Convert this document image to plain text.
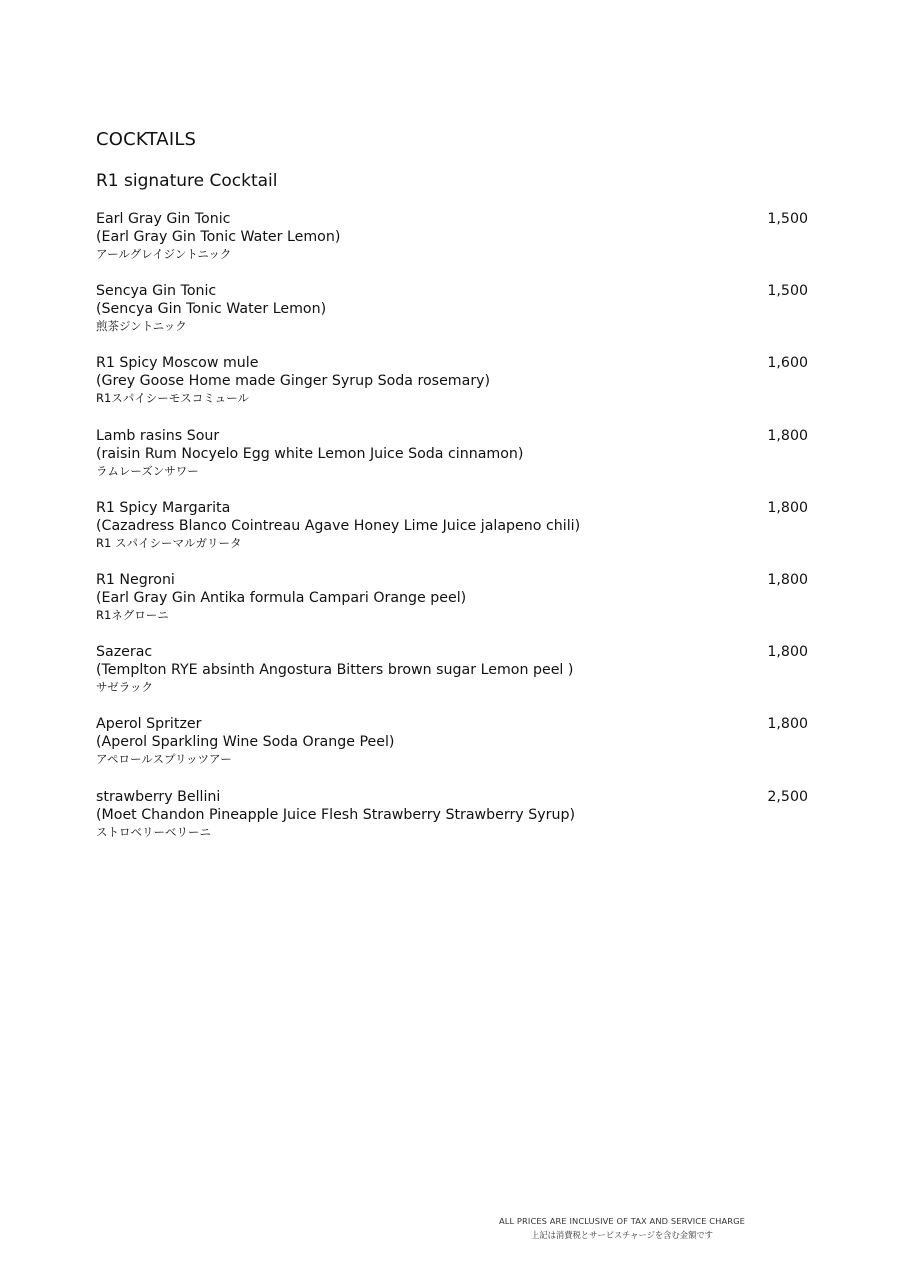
COCKTAILS
R1 signature Cocktail
Earl Gray Gin Tonic
(Earl Gray Gin Tonic Water Lemon)
アールグレイジントニック
1,500
Sencya Gin Tonic
(Sencya Gin Tonic Water Lemon)
煎茶ジントニック
1,500
R1 Spicy Moscow mule
(Grey Goose Home made Ginger Syrup Soda rosemary)
R1スパイシーモスコミュール
1,600
Lamb rasins Sour
(raisin Rum Nocyelo Egg white Lemon Juice Soda cinnamon)
ラムレーズンサワー
1,800
R1 Spicy Margarita
(Cazadress Blanco Cointreau Agave Honey Lime Juice jalapeno chili)
R1 スパイシーマルガリータ
1,800
R1 Negroni
(Earl Gray Gin Antika formula Campari Orange peel)
R1ネグローニ
1,800
Sazerac
(Templton RYE absinth Angostura Bitters brown sugar Lemon peel )
サゼラック
1,800
Aperol Spritzer
(Aperol Sparkling Wine Soda Orange Peel)
アペロールスプリッツアー
1,800
strawberry Bellini
(Moet Chandon Pineapple Juice Flesh Strawberry Strawberry Syrup)
ストロベリーベリーニ
2,500
ALL PRICES ARE INCLUSIVE OF TAX AND SERVICE CHARGE
上記は消費税とサービスチャージを含む金額です
